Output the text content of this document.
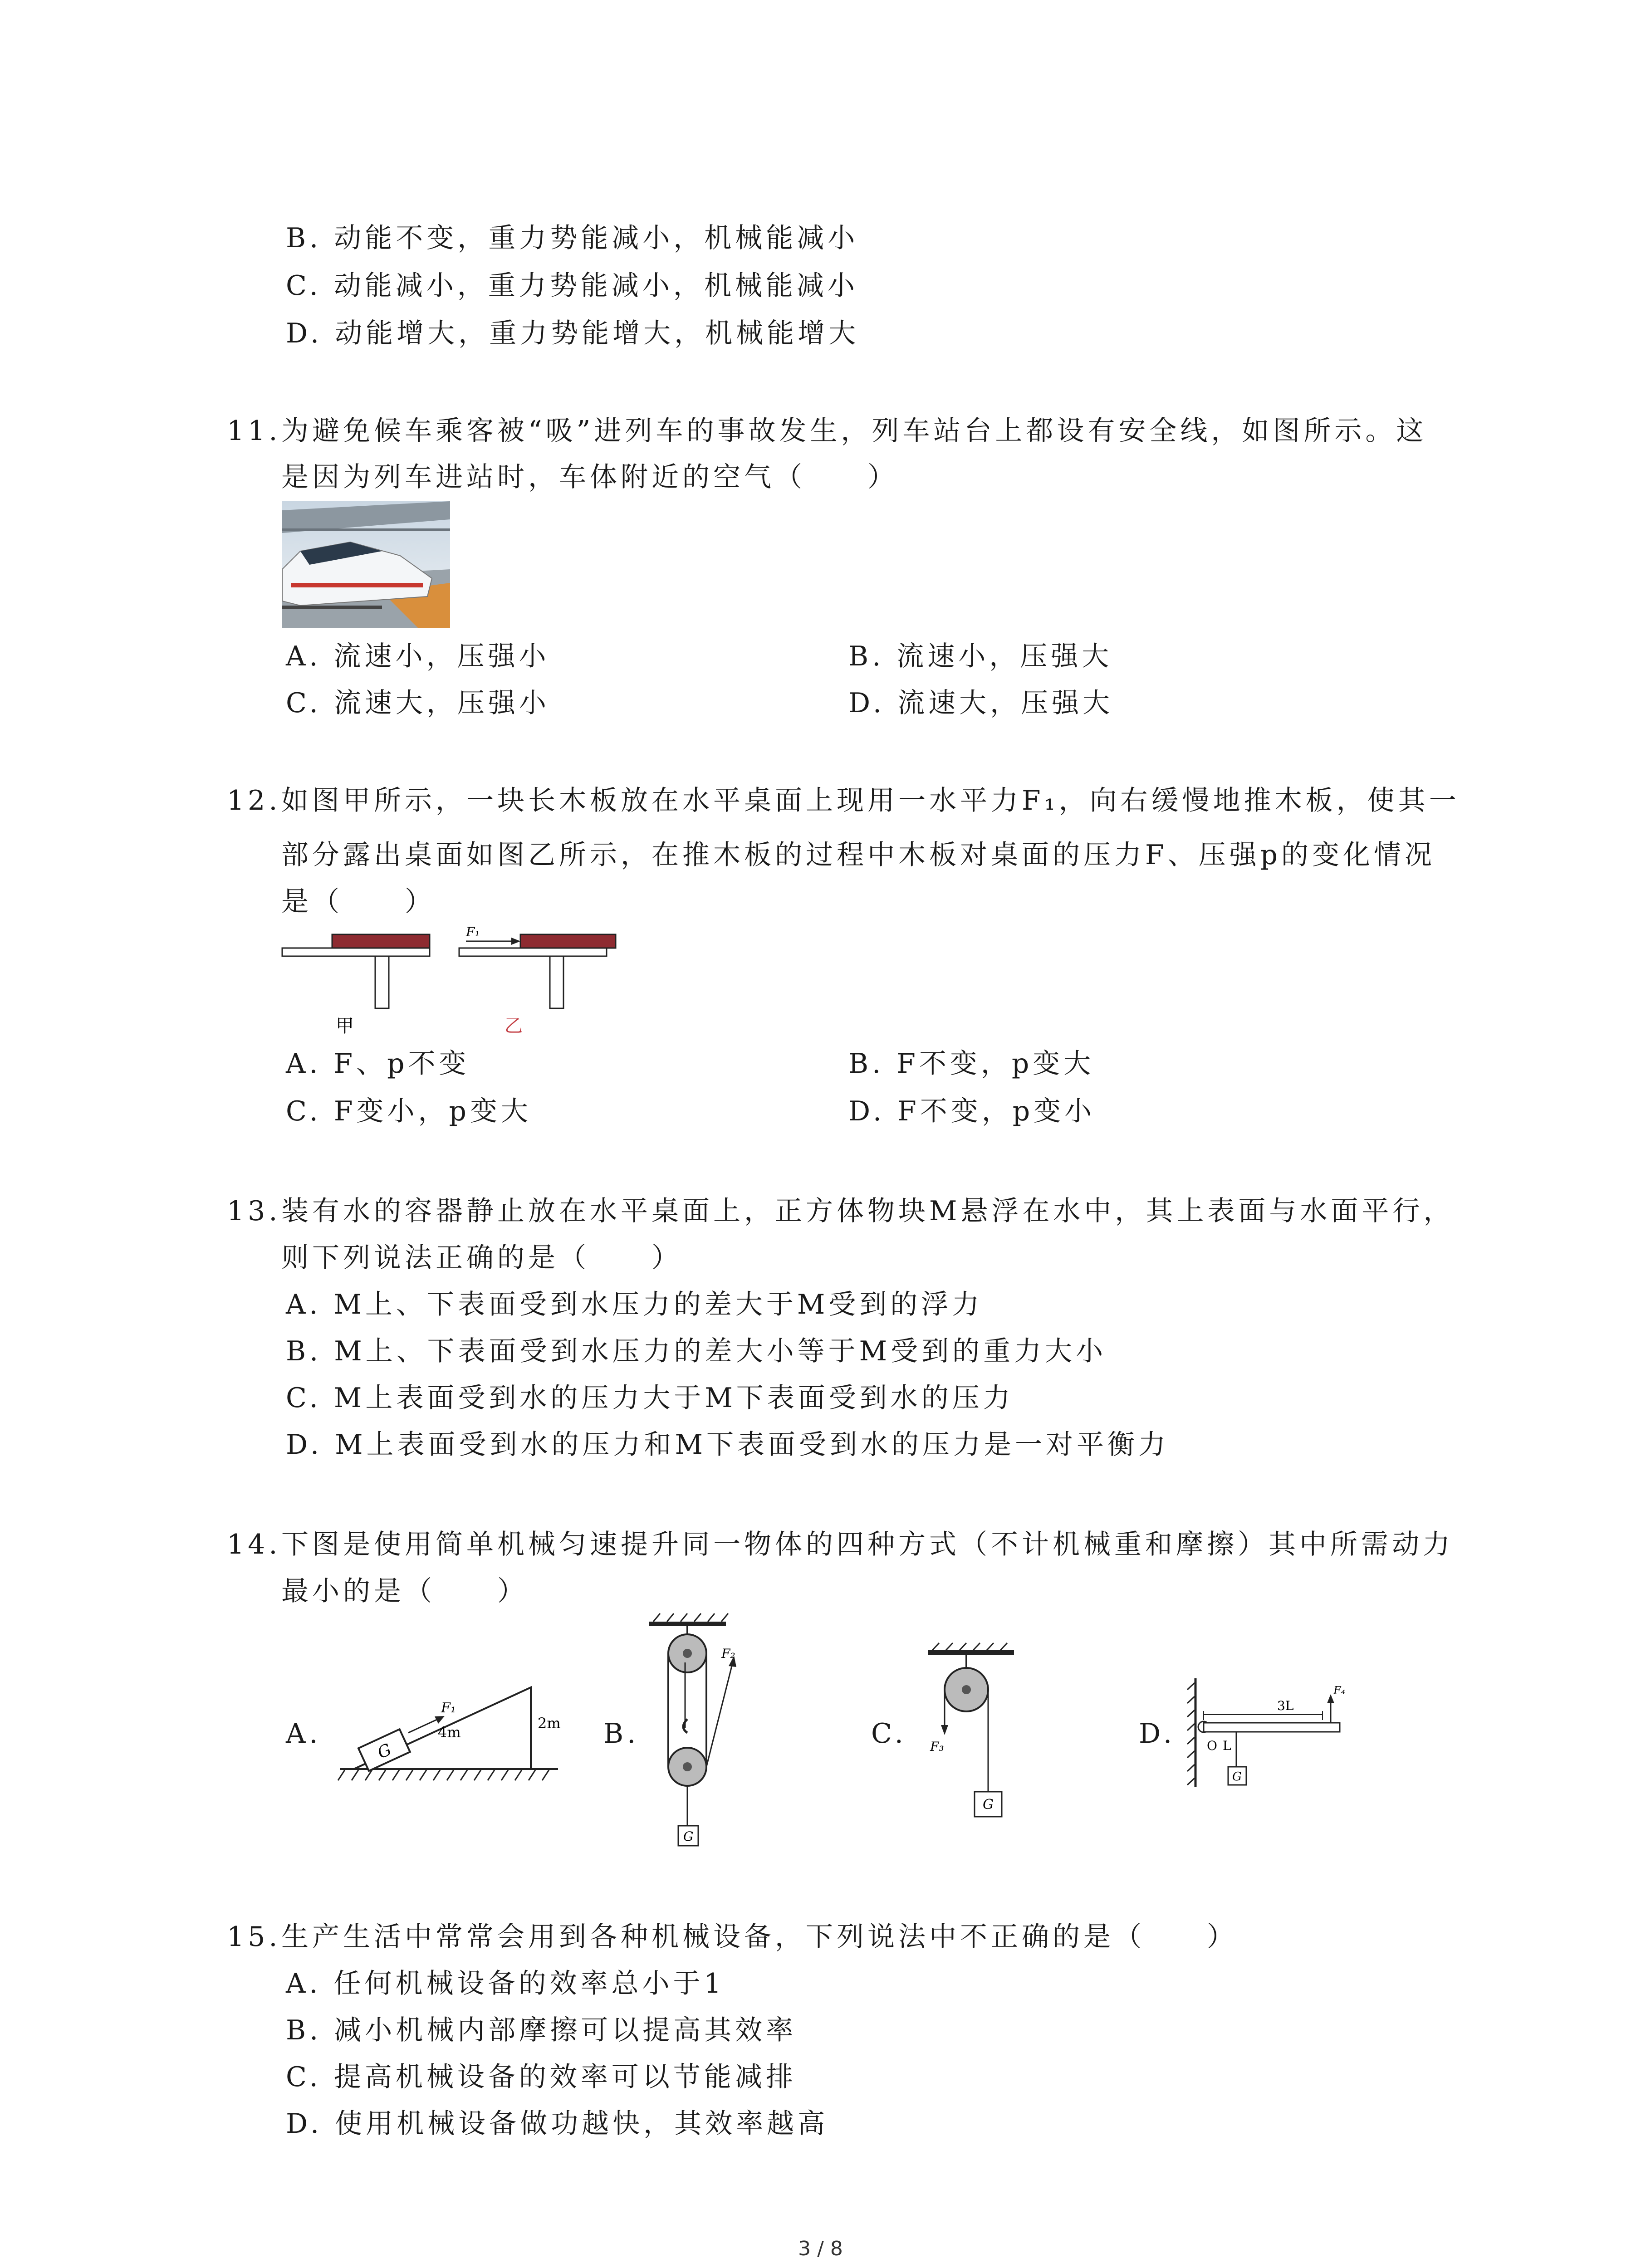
B. 动能不变，重力势能减小，机械能减小
C. 动能减小，重力势能减小，机械能减小
D. 动能增大，重力势能增大，机械能增大
11.为避免候车乘客被“吸”进列车的事故发生，列车站台上都设有安全线，如图所示。这
是因为列车进站时，车体附近的空气（　　）
A. 流速小，压强小	B. 流速小，压强大
C. 流速大，压强小	D. 流速大，压强大
12.如图甲所示，一块长木板放在水平桌面上现用一水平力F₁，向右缓慢地推木板，使其一
部分露出桌面如图乙所示，在推木板的过程中木板对桌面的压力F、压强p的变化情况
是（　　）
甲
F₁
乙
A. F、p不变	B. F不变，p变大
C. F变小，p变大	D. F不变，p变小
13.装有水的容器静止放在水平桌面上，正方体物块M悬浮在水中，其上表面与水面平行，
则下列说法正确的是（　　）
A. M上、下表面受到水压力的差大于M受到的浮力
B. M上、下表面受到水压力的差大小等于M受到的重力大小
C. M上表面受到水的压力大于M下表面受到水的压力
D. M上表面受到水的压力和M下表面受到水的压力是一对平衡力
14.下图是使用简单机械匀速提升同一物体的四种方式（不计机械重和摩擦）其中所需动力
最小的是（　　）
A.	B.	C.	D.
G
F₁
4m
2m
F₂
G
F₃
G
3L
F₄
O L
G
15.生产生活中常常会用到各种机械设备，下列说法中不正确的是（　　）
A. 任何机械设备的效率总小于1
B. 减小机械内部摩擦可以提高其效率
C. 提高机械设备的效率可以节能减排
D. 使用机械设备做功越快，其效率越高
3 / 8
